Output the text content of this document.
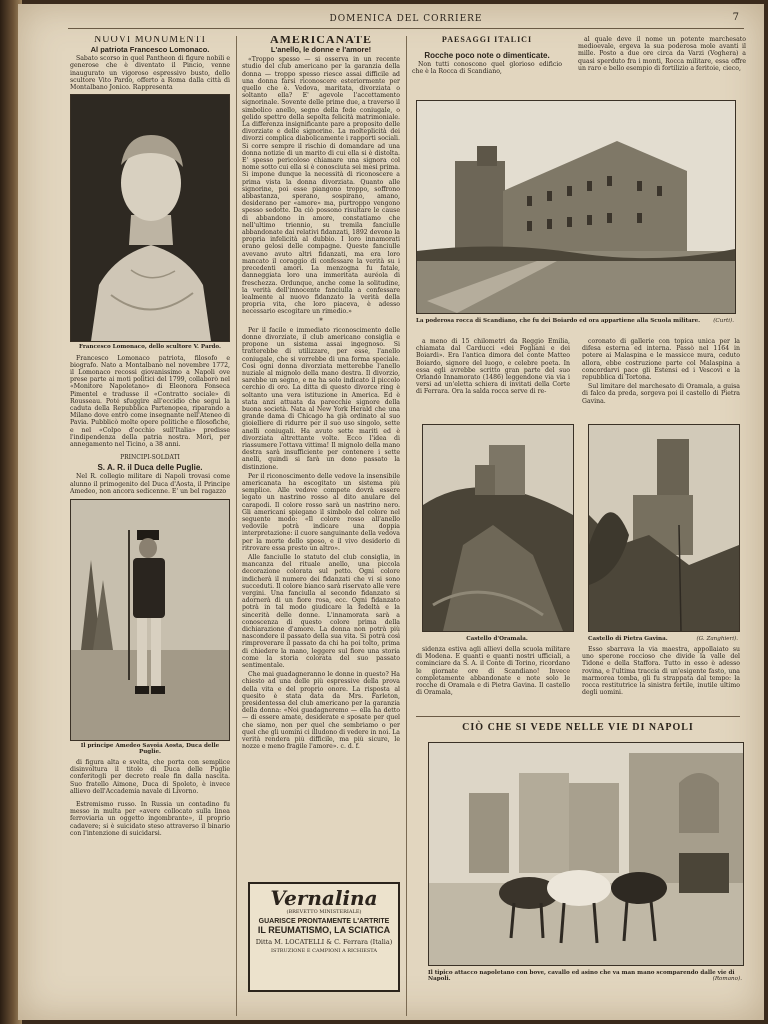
DOMENICA DEL CORRIERE	7
NUOVI MONUMENTI
Al patriota Francesco Lomonaco.

Sabato scorso in quel Pantheon di figure nobili e generose che è diventato il Pincio, venne inaugurato un vigoroso espressivo busto, dello scultore Vito Pardo, offerto a Roma dalla città di Montalbano Jonico. Rappresenta

Francesco Lomonaco, dello scultore V. Pardo.

Francesco Lomonaco patriota, filosofo e biografo. Nato a Montalbano nel novembre 1772, il Lomonaco recossi giovanissimo a Napoli ove prese parte ai moti politici del 1799, collaborò nel «Monitore Napoletano» di Eleonora Fonseca Pimentel e tradusse il «Contratto sociale» di Rousseau. Poté sfuggire all'eccidio che seguì la caduta della Repubblica Partenopea, riparando a Milano dove entrò come insegnante nell'Ateneo di Pavia. Pubblicò molte opere politiche e filosofiche, e nel «Colpo d'occhio sull'Italia» predisse l'indipendenza della patria nostra. Morì, per annegamento nel Ticino, a 38 anni.

PRINCIPI-SOLDATI
S. A. R. il Duca delle Puglie.

Nel R. collegio militare di Napoli trovasi come alunno il primogenito del Duca d'Aosta, il Principe Amedeo, non ancora sedicenne. E' un bel ragazzo

Il principe Amedeo Savoia Aosta, Duca delle Puglie.

di figura alta e svelta, che porta con semplice disinvoltura il titolo di Duca delle Puglie conferitogli per decreto reale fin dalla nascita. Suo fratello Aimone, Duca di Spoleto, è invece allievo dell'Accademia navale di Livorno.

Estremismo russo. In Russia un contadino fu messo in multa per «avere collocato sulla linea ferroviaria un oggetto ingombrante», il proprio cadavere; si è suicidato steso attraverso il binario con l'intenzione di suicidarsi.

AMERICANATE
L'anello, le donne e l'amore!

«Troppo spesso — si osserva in un recente studio del club americano per la garanzia della donna — troppo spesso riesce assai difficile ad una donna farsi riconoscere esteriormente per quello che è. Vedova, maritata, divorziata o soltanto ella? E' agevole l'accettamento signorinale. Sovente delle prime due, a traverso il simbolico anello, segno della fede coniugale, o gelido spettro della sepolta felicità matrimoniale. La differenza insignificante pare a proposito delle divorziate e delle signorine. La molteplicità dei divorzi complica diabolicamente i rapporti sociali. Si corre sempre il rischio di domandare ad una donna notizie di un marito di cui ella si è distolta. E' spesso pericoloso chiamare una signora col nome sotto cui ella si è conosciuta sei mesi prima. Si impone dunque la necessità di riconoscere a prima vista la donna divorziata. Quanto alle signorine, poi esse piangono troppo, soffrono abbastanza, sperano, sospirano, amano, desiderano per «amore» ma, purtroppo vengono spesso sedotte. Da ciò possono risultare le cause di abbandono in amore, constatiamo che nell'ultimo triennio, su tremila fanciulle abbandonate dai relativi fidanzati, 1892 devono la propria infelicità al dubbio. I loro innamorati erano gelosi delle compagne. Queste fanciulle avevano avuto altri fidanzati, ma era loro mancato il coraggio di confessare la verità su i precedenti amori. La menzogna fu fatale, danneggiata loro una immeritata auréola di freschezza. Ordunque, anche come la solitudine, la verità dell'innocente fanciulla a confessare lealmente al nuovo fidanzato la verità della propria vita, che loro piaceva, è adesso necessario escogitare un rimedio.»

*

Per il facile e immediato riconoscimento delle donne divorziate, il club americano consiglia e propone un sistema assai ingegnoso. Si tratterebbe di utilizzare, per esse, l'anello coniugale, che si vorrebbe di una forma speciale. Così ogni donna divorziata metterebbe l'anello nuziale al mignolo della mano destra. Il divorzio, sarebbe un segno, e ne ha solo indicato il piccolo cerchio di oro. La ditta di questo divorce ring è soltanto una vera istituzione in America. Ed è stata anzi attuata da parecchie signore della buona società. Nata al New York Herald che una grande dama di Chicago ha già ordinato al suo gioielliere di ridurre per il suo uso singolo, sette anelli coniugali. Ha avuto sette mariti ed è divorziata altrettante volte. Ecco l'idea di riassumere l'ottava vittima! Il mignolo della mano destra sarà insufficiente per contenere i sette anelli, quindi si farà un dono passato la distinzione.

Per il riconoscimento delle vedove la insensibile americanata ha escogitato un sistema più semplice. Alle vedove compete dovrà essere legato un nastrino rosso al dito anulare del carapodi. Il colore rosso sarà un nastrino nero. Gli americani spiegano il simbolo del colore nel seguente modo: «Il colore rosso all'anello vedovile potrà indicare una doppia interpretazione: il cuore sanguinante della vedova per la morte dello sposo, e il vivo desiderio di ritrovare essa presto un altro».

Alle fanciulle lo statuto del club consiglia, in mancanza del rituale anello, una piccola decorazione colorata sul petto. Ogni colore indicherà il numero dei fidanzati che vi si sono succeduti. Il colore bianco sarà riservato alle vere vergini. Una fanciulla al secondo fidanzato si adornerà di un fiore rosa, ecc. Ogni fidanzato potrà in tal modo giudicare la fedeltà e la sincerità delle donne. L'innamorata sarà a conoscenza di questo colore prima della dichiarazione d'amore. La donna non potrà più nascondere il passato della sua vita. Si potrà così rimproverare il passato da chi ha poi tolto, prima di chiedere la mano, leggere sul fiore una storia come la storia colorata del suo passato sentimentale.

Che mai guadagneranno le donne in questo? Ha chiesto ad una delle più espressive della prova della vita e del proprio onore. La risposta al quesito è stata data da Mrs. Farleton, presidentessa del club americano per la garanzia della donna: «Noi guadagneremo — ella ha detto — di essere amate, desiderate e sposate per quel che siamo, non per quel che sembriamo o per quel che gli uomini ci illudono di vedere in noi. La verità rendera più difficile, ma più sicure, le nozze e meno fragile l'amore». c. d. f.

Vernalina
(BREVETTO MINISTERIALE)
GUARISCE PRONTAMENTE L'ARTRITE
IL REUMATISMO, LA SCIATICA
Ditta M. LOCATELLI & C. Ferrara (Italia)
ISTRUZIONE E CAMPIONI A RICHIESTA
PAESAGGI ITALICI
Rocche poco note o dimenticate.

Non tutti conoscono quel glorioso edificio che è la Rocca di Scandiano,

al quale deve il nome un potente marchesato medioevale, ergeva la sua poderosa mole avanti il mille. Posto a due ore circa da Varzi (Voghera) a quasi sperduto fra i monti, Rocca militare, essa offre un raro e bello esempio di fortilizio a feritoie, cieco,

La poderosa rocca di Scandiano, che fu dei Boiardo ed ora appartiene alla Scuola militare. (Curti).

a meno di 15 chilometri da Reggio Emilia, chiamata dal Carducci «dei Fogliani e dei Boiardi». Era l'antica dimora del conte Matteo Boiardo, signore del luogo, e celebre poeta. In essa egli avrebbe scritto gran parte del suo Orlando Innamorato (1486) leggendone via via i versi ad un'eletta schiera di invitati della Corte di Ferrara. Ora la salda rocca serve di re-

coronato di gallerie con topica unica per la difesa esterna ed interna. Passò nel 1164 in potere ai Malaspina e le massicce mura, ceduto allora, ebbe costruzione parte col Malaspina a concordarvi pace gli Estensi ed i Vescovi e la repubblica di Tortona.

Sul limitare del marchesato di Oramala, a guisa di falco da preda, sorgeva poi il castello di Pietra Gavina.

Castello d'Oramala.	Castello di Pietra Gavina.	(G. Zanghieri).

sidenza estiva agli allievi della scuola militare di Modena. E quanti e quanti nostri ufficiali, a cominciare da S. A. il Conte di Torino, ricordano le giornate ore di Scandiano! Invece completamente abbandonate e note solo le rocche di Oramala e di Pietra Gavina. Il castello di Oramala,

Esso sbarrava la via maestra, appollaiato su uno sperone roccioso che divide la valle del Tidone e della Staffora. Tutto in esso è adesso rovina, e l'ultima traccia di un'esigente fasto, una marmorea tomba, gli fu strappata dal tempo: la rocca restitutrice la sinistra fertile, inutile ultimo degli uomini.

CIÒ CHE SI VEDE NELLE VIE DI NAPOLI
Il tipico attacco napoletano con bove, cavallo ed asino che va man mano scomparendo dalle vie di Napoli.	(Romano).
